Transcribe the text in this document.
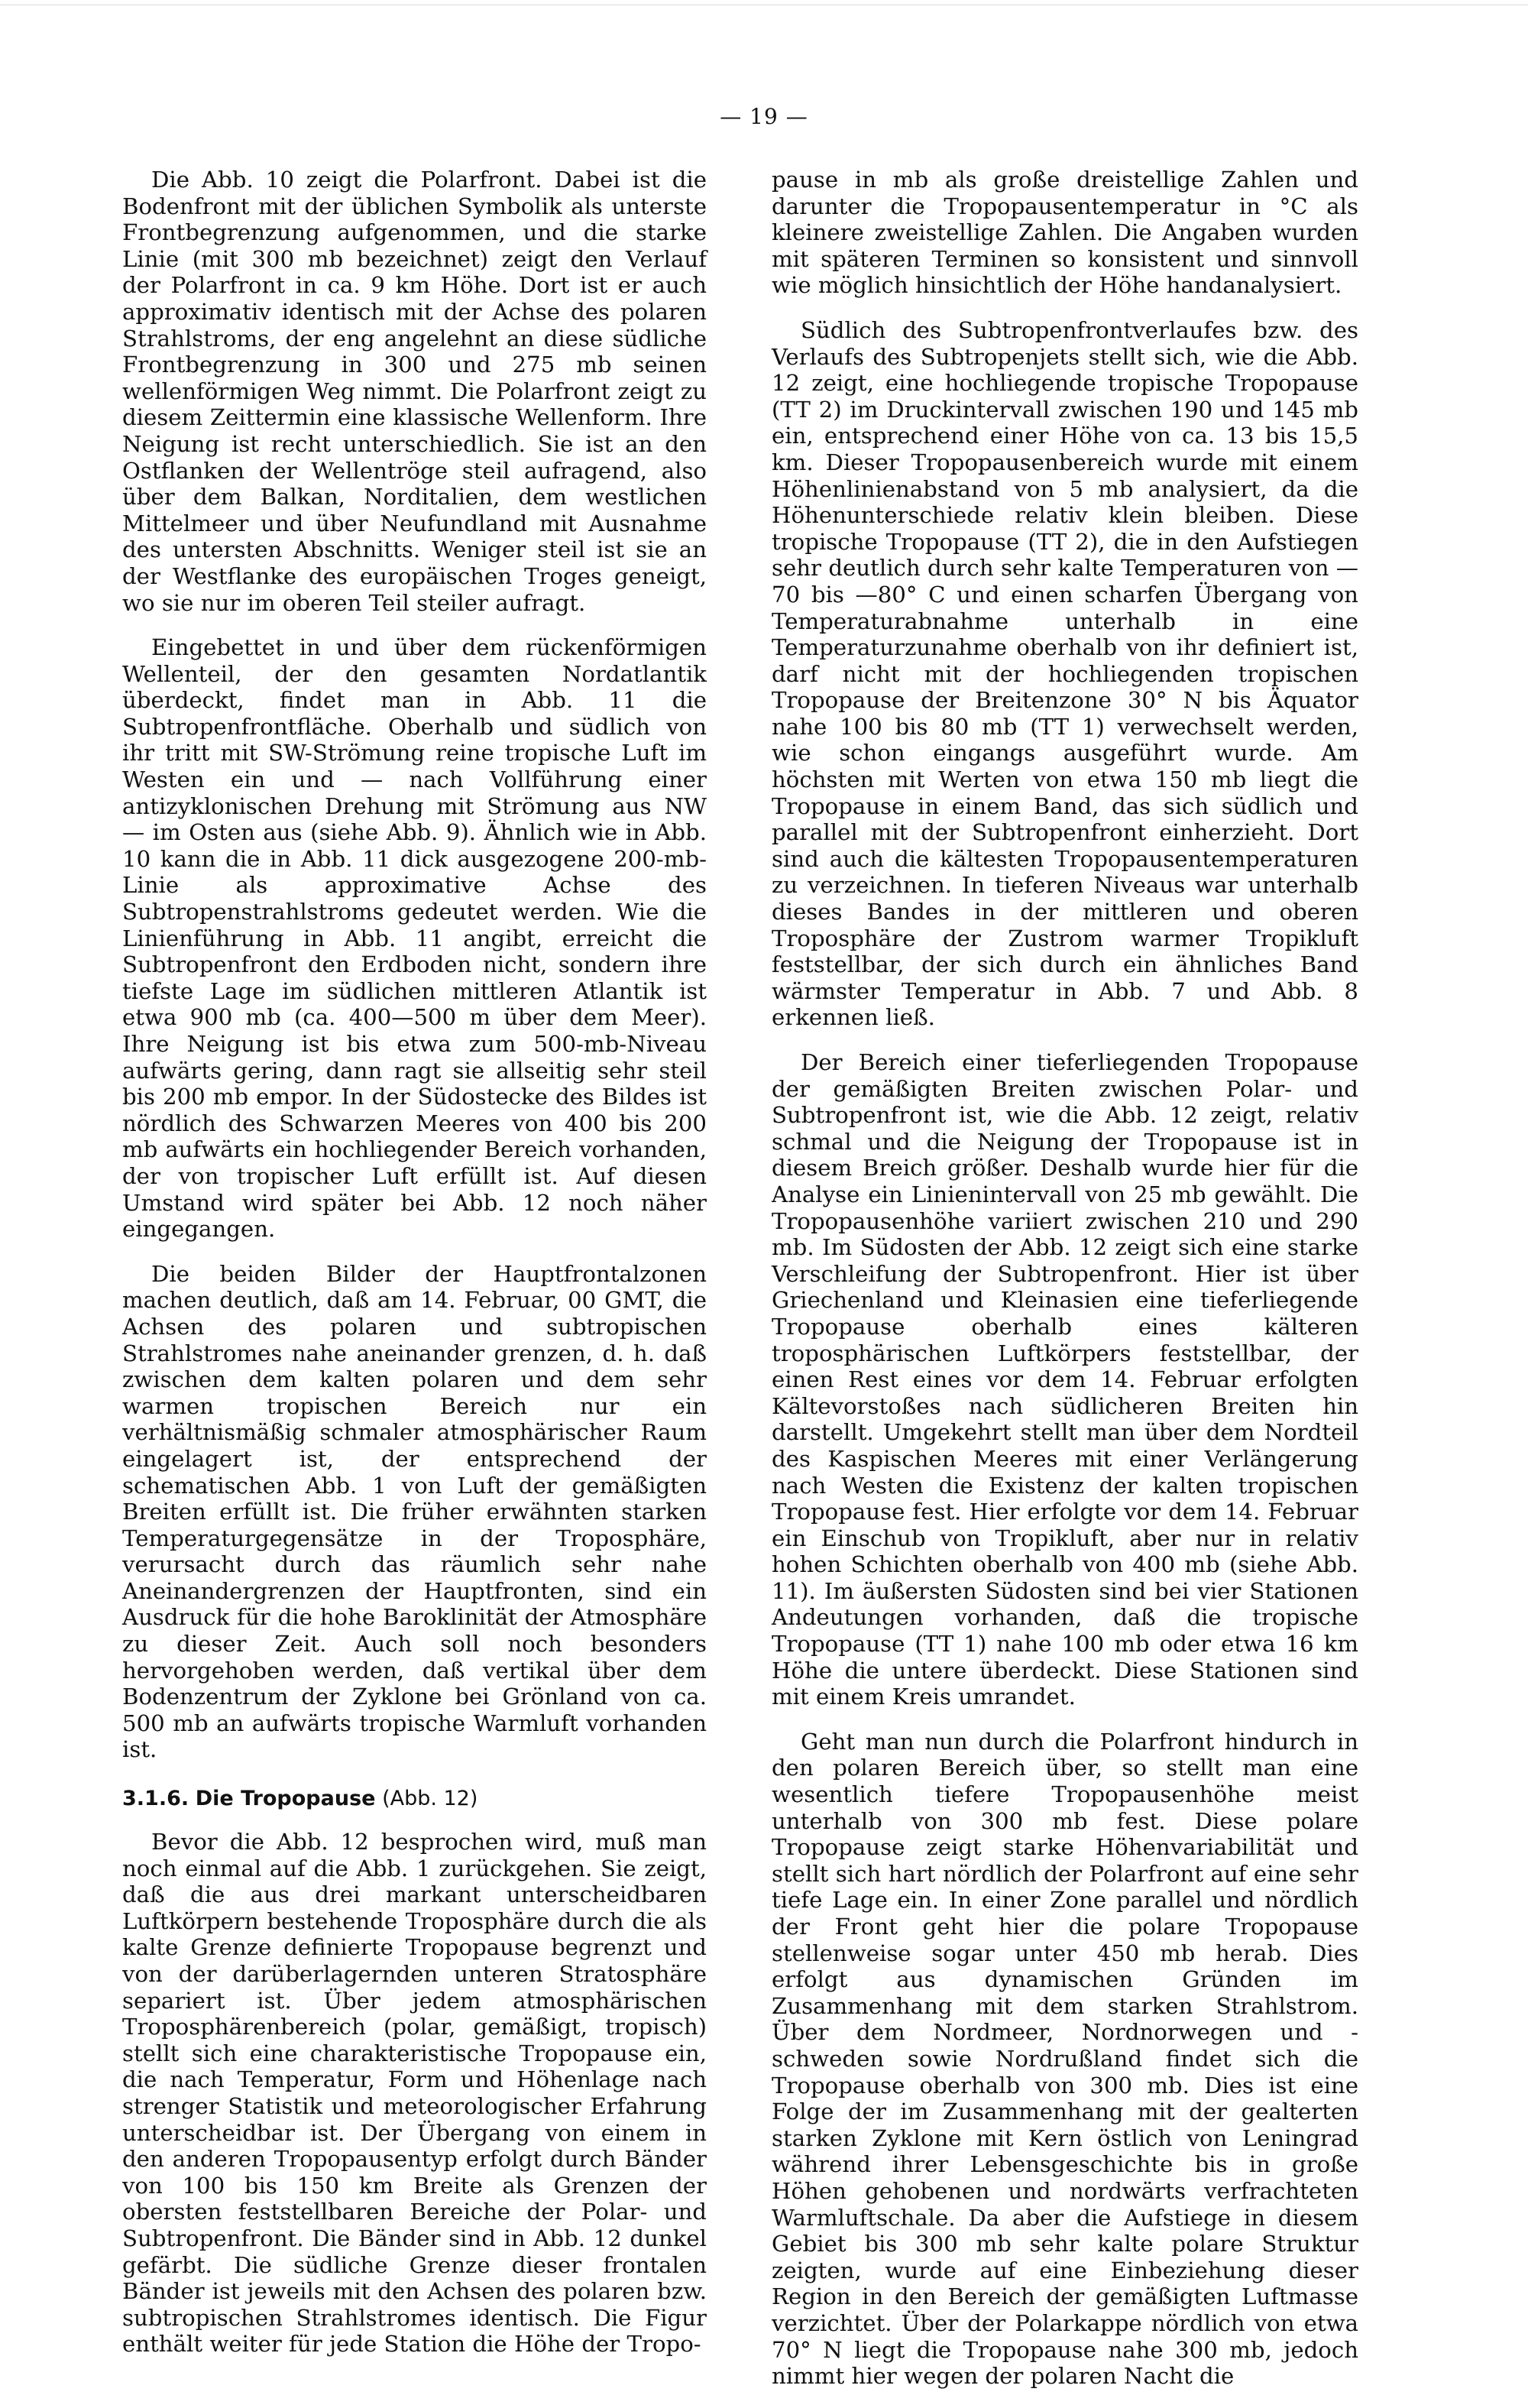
— 19 —

Die Abb. 10 zeigt die Polarfront. Dabei ist die Bodenfront mit der üblichen Symbolik als unterste Frontbegrenzung aufgenommen, und die starke Linie (mit 300 mb bezeichnet) zeigt den Verlauf der Polarfront in ca. 9 km Höhe. Dort ist er auch approximativ identisch mit der Achse des polaren Strahlstroms, der eng angelehnt an diese südliche Frontbegrenzung in 300 und 275 mb seinen wellenförmigen Weg nimmt. Die Polarfront zeigt zu diesem Zeittermin eine klassische Wellenform. Ihre Neigung ist recht unterschiedlich. Sie ist an den Ostflanken der Wellentröge steil aufragend, also über dem Balkan, Norditalien, dem westlichen Mittelmeer und über Neufundland mit Ausnahme des untersten Abschnitts. Weniger steil ist sie an der Westflanke des europäischen Troges geneigt, wo sie nur im oberen Teil steiler aufragt.

Eingebettet in und über dem rückenförmigen Wellenteil, der den gesamten Nordatlantik überdeckt, findet man in Abb. 11 die Subtropenfrontfläche. Oberhalb und südlich von ihr tritt mit SW-Strömung reine tropische Luft im Westen ein und — nach Vollführung einer antizyklonischen Drehung mit Strömung aus NW — im Osten aus (siehe Abb. 9). Ähnlich wie in Abb. 10 kann die in Abb. 11 dick ausgezogene 200-mb-Linie als approximative Achse des Subtropenstrahlstroms gedeutet werden. Wie die Linienführung in Abb. 11 angibt, erreicht die Subtropenfront den Erdboden nicht, sondern ihre tiefste Lage im südlichen mittleren Atlantik ist etwa 900 mb (ca. 400—500 m über dem Meer). Ihre Neigung ist bis etwa zum 500-mb-Niveau aufwärts gering, dann ragt sie allseitig sehr steil bis 200 mb empor. In der Südostecke des Bildes ist nördlich des Schwarzen Meeres von 400 bis 200 mb aufwärts ein hochliegender Bereich vorhanden, der von tropischer Luft erfüllt ist. Auf diesen Umstand wird später bei Abb. 12 noch näher eingegangen.

Die beiden Bilder der Hauptfrontalzonen machen deutlich, daß am 14. Februar, 00 GMT, die Achsen des polaren und subtropischen Strahlstromes nahe aneinander grenzen, d. h. daß zwischen dem kalten polaren und dem sehr warmen tropischen Bereich nur ein verhältnismäßig schmaler atmosphärischer Raum eingelagert ist, der entsprechend der schematischen Abb. 1 von Luft der gemäßigten Breiten erfüllt ist. Die früher erwähnten starken Temperaturgegensätze in der Troposphäre, verursacht durch das räumlich sehr nahe Aneinandergrenzen der Hauptfronten, sind ein Ausdruck für die hohe Baroklinität der Atmosphäre zu dieser Zeit. Auch soll noch besonders hervorgehoben werden, daß vertikal über dem Bodenzentrum der Zyklone bei Grönland von ca. 500 mb an aufwärts tropische Warmluft vorhanden ist.

3.1.6. Die Tropopause (Abb. 12)

Bevor die Abb. 12 besprochen wird, muß man noch einmal auf die Abb. 1 zurückgehen. Sie zeigt, daß die aus drei markant unterscheidbaren Luftkörpern bestehende Troposphäre durch die als kalte Grenze definierte Tropopause begrenzt und von der darüberlagernden unteren Stratosphäre separiert ist. Über jedem atmosphärischen Troposphärenbereich (polar, gemäßigt, tropisch) stellt sich eine charakteristische Tropopause ein, die nach Temperatur, Form und Höhenlage nach strenger Statistik und meteorologischer Erfahrung unterscheidbar ist. Der Übergang von einem in den anderen Tropopausentyp erfolgt durch Bänder von 100 bis 150 km Breite als Grenzen der obersten feststellbaren Bereiche der Polar- und Subtropenfront. Die Bänder sind in Abb. 12 dunkel gefärbt. Die südliche Grenze dieser frontalen Bänder ist jeweils mit den Achsen des polaren bzw. subtropischen Strahlstromes identisch. Die Figur enthält weiter für jede Station die Höhe der Tropo-

pause in mb als große dreistellige Zahlen und darunter die Tropopausentemperatur in °C als kleinere zweistellige Zahlen. Die Angaben wurden mit späteren Terminen so konsistent und sinnvoll wie möglich hinsichtlich der Höhe handanalysiert.

Südlich des Subtropenfrontverlaufes bzw. des Verlaufs des Subtropenjets stellt sich, wie die Abb. 12 zeigt, eine hochliegende tropische Tropopause (TT 2) im Druckintervall zwischen 190 und 145 mb ein, entsprechend einer Höhe von ca. 13 bis 15,5 km. Dieser Tropopausenbereich wurde mit einem Höhenlinienabstand von 5 mb analysiert, da die Höhenunterschiede relativ klein bleiben. Diese tropische Tropopause (TT 2), die in den Aufstiegen sehr deutlich durch sehr kalte Temperaturen von —70 bis —80° C und einen scharfen Übergang von Temperaturabnahme unterhalb in eine Temperaturzunahme oberhalb von ihr definiert ist, darf nicht mit der hochliegenden tropischen Tropopause der Breitenzone 30° N bis Äquator nahe 100 bis 80 mb (TT 1) verwechselt werden, wie schon eingangs ausgeführt wurde. Am höchsten mit Werten von etwa 150 mb liegt die Tropopause in einem Band, das sich südlich und parallel mit der Subtropenfront einherzieht. Dort sind auch die kältesten Tropopausentemperaturen zu verzeichnen. In tieferen Niveaus war unterhalb dieses Bandes in der mittleren und oberen Troposphäre der Zustrom warmer Tropikluft feststellbar, der sich durch ein ähnliches Band wärmster Temperatur in Abb. 7 und Abb. 8 erkennen ließ.

Der Bereich einer tieferliegenden Tropopause der gemäßigten Breiten zwischen Polar- und Subtropenfront ist, wie die Abb. 12 zeigt, relativ schmal und die Neigung der Tropopause ist in diesem Breich größer. Deshalb wurde hier für die Analyse ein Linienintervall von 25 mb gewählt. Die Tropopausenhöhe variiert zwischen 210 und 290 mb. Im Südosten der Abb. 12 zeigt sich eine starke Verschleifung der Subtropenfront. Hier ist über Griechenland und Kleinasien eine tieferliegende Tropopause oberhalb eines kälteren troposphärischen Luftkörpers feststellbar, der einen Rest eines vor dem 14. Februar erfolgten Kältevorstoßes nach südlicheren Breiten hin darstellt. Umgekehrt stellt man über dem Nordteil des Kaspischen Meeres mit einer Verlängerung nach Westen die Existenz der kalten tropischen Tropopause fest. Hier erfolgte vor dem 14. Februar ein Einschub von Tropikluft, aber nur in relativ hohen Schichten oberhalb von 400 mb (siehe Abb. 11). Im äußersten Südosten sind bei vier Stationen Andeutungen vorhanden, daß die tropische Tropopause (TT 1) nahe 100 mb oder etwa 16 km Höhe die untere überdeckt. Diese Stationen sind mit einem Kreis umrandet.

Geht man nun durch die Polarfront hindurch in den polaren Bereich über, so stellt man eine wesentlich tiefere Tropopausenhöhe meist unterhalb von 300 mb fest. Diese polare Tropopause zeigt starke Höhenvariabilität und stellt sich hart nördlich der Polarfront auf eine sehr tiefe Lage ein. In einer Zone parallel und nördlich der Front geht hier die polare Tropopause stellenweise sogar unter 450 mb herab. Dies erfolgt aus dynamischen Gründen im Zusammenhang mit dem starken Strahlstrom. Über dem Nordmeer, Nordnorwegen und -schweden sowie Nordrußland findet sich die Tropopause oberhalb von 300 mb. Dies ist eine Folge der im Zusammenhang mit der gealterten starken Zyklone mit Kern östlich von Leningrad während ihrer Lebensgeschichte bis in große Höhen gehobenen und nordwärts verfrachteten Warmluftschale. Da aber die Aufstiege in diesem Gebiet bis 300 mb sehr kalte polare Struktur zeigten, wurde auf eine Einbeziehung dieser Region in den Bereich der gemäßigten Luftmasse verzichtet. Über der Polarkappe nördlich von etwa 70° N liegt die Tropopause nahe 300 mb, jedoch nimmt hier wegen der polaren Nacht die
